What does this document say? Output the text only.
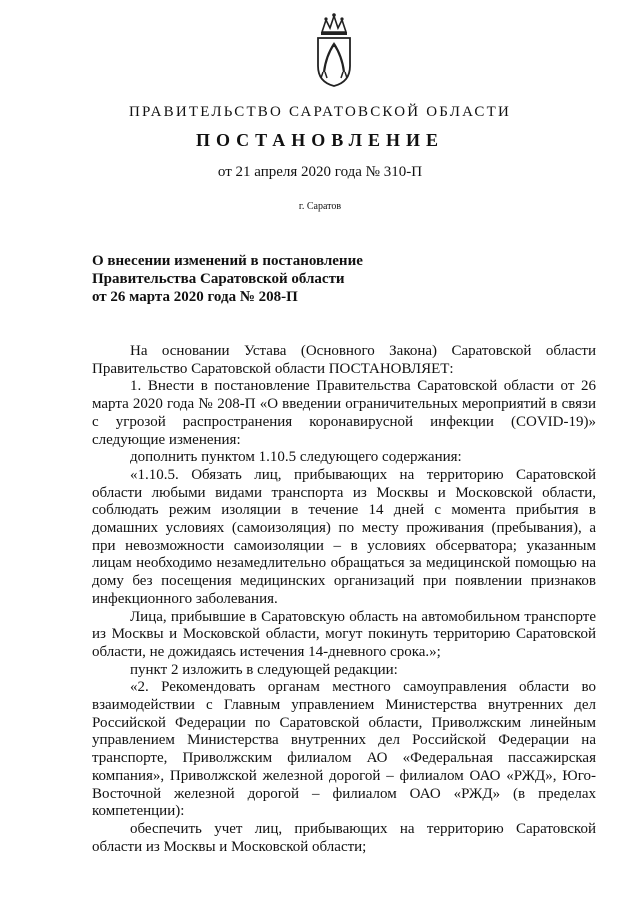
ПРАВИТЕЛЬСТВО САРАТОВСКОЙ ОБЛАСТИ
ПОСТАНОВЛЕНИЕ
от 21 апреля 2020 года № 310-П
г. Саратов
О внесении изменений в постановление
Правительства Саратовской области
от 26 марта 2020 года № 208-П

На основании Устава (Основного Закона) Саратовской области Правительство Саратовской области ПОСТАНОВЛЯЕТ:

1. Внести в постановление Правительства Саратовской области от 26 марта 2020 года № 208-П «О введении ограничительных мероприятий в связи с угрозой распространения коронавирусной инфекции (COVID-19)» следующие изменения:

дополнить пунктом 1.10.5 следующего содержания:

«1.10.5. Обязать лиц, прибывающих на территорию Саратовской области любыми видами транспорта из Москвы и Московской области, соблюдать режим изоляции в течение 14 дней с момента прибытия в домашних условиях (самоизоляция) по месту проживания (пребывания), а при невозможности самоизоляции – в условиях обсерватора; указанным лицам необходимо незамедлительно обращаться за медицинской помощью на дому без посещения медицинских организаций при появлении признаков инфекционного заболевания.

Лица, прибывшие в Саратовскую область на автомобильном транспорте из Москвы и Московской области, могут покинуть территорию Саратовской области, не дожидаясь истечения 14-дневного срока.»;

пункт 2 изложить в следующей редакции:

«2. Рекомендовать органам местного самоуправления области во взаимодействии с Главным управлением Министерства внутренних дел Российской Федерации по Саратовской области, Приволжским линейным управлением Министерства внутренних дел Российской Федерации на транспорте, Приволжским филиалом АО «Федеральная пассажирская компания», Приволжской железной дорогой – филиалом ОАО «РЖД», Юго-Восточной железной дорогой – филиалом ОАО «РЖД» (в пределах компетенции):

обеспечить учет лиц, прибывающих на территорию Саратовской области из Москвы и Московской области;
